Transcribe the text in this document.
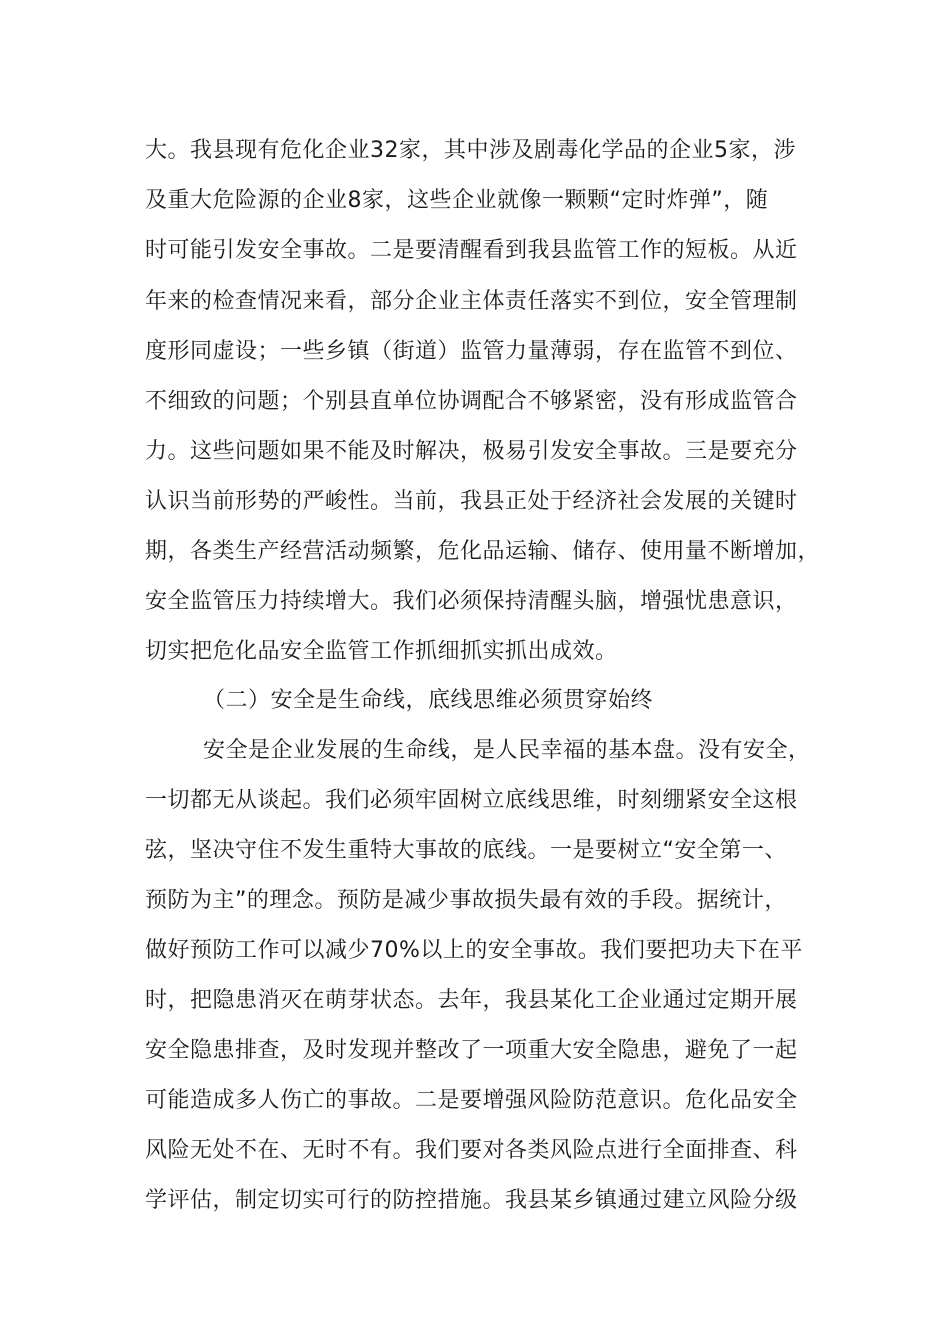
大。我县现有危化企业32家，其中涉及剧毒化学品的企业5家，涉
及重大危险源的企业8家，这些企业就像一颗颗“定时炸弹”，随
时可能引发安全事故。二是要清醒看到我县监管工作的短板。从近
年来的检查情况来看，部分企业主体责任落实不到位，安全管理制
度形同虚设；一些乡镇（街道）监管力量薄弱，存在监管不到位、
不细致的问题；个别县直单位协调配合不够紧密，没有形成监管合
力。这些问题如果不能及时解决，极易引发安全事故。三是要充分
认识当前形势的严峻性。当前，我县正处于经济社会发展的关键时
期，各类生产经营活动频繁，危化品运输、储存、使用量不断增加，
安全监管压力持续增大。我们必须保持清醒头脑，增强忧患意识，
切实把危化品安全监管工作抓细抓实抓出成效。
（二）安全是生命线，底线思维必须贯穿始终
安全是企业发展的生命线，是人民幸福的基本盘。没有安全，
一切都无从谈起。我们必须牢固树立底线思维，时刻绷紧安全这根
弦，坚决守住不发生重特大事故的底线。一是要树立“安全第一、
预防为主”的理念。预防是减少事故损失最有效的手段。据统计，
做好预防工作可以减少70%以上的安全事故。我们要把功夫下在平
时，把隐患消灭在萌芽状态。去年，我县某化工企业通过定期开展
安全隐患排查，及时发现并整改了一项重大安全隐患，避免了一起
可能造成多人伤亡的事故。二是要增强风险防范意识。危化品安全
风险无处不在、无时不有。我们要对各类风险点进行全面排查、科
学评估，制定切实可行的防控措施。我县某乡镇通过建立风险分级
